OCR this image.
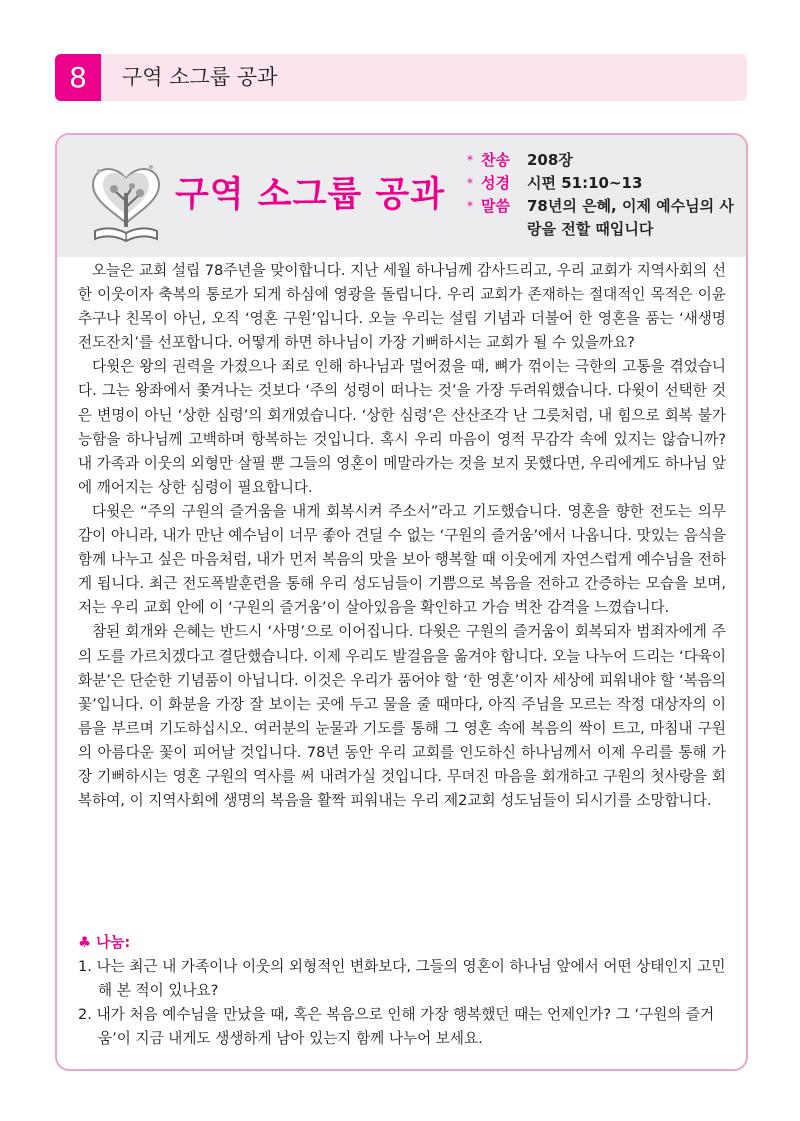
8	구역 소그룹 공과
구역 소그룹 공과
* 찬송	208장
* 성경	시편 51:10~13
* 말씀	78년의 은혜, 이제 예수님의 사랑을 전할 때입니다

오늘은 교회 설립 78주년을 맞이합니다. 지난 세월 하나님께 감사드리고, 우리 교회가 지역사회의 선한 이웃이자 축복의 통로가 되게 하심에 영광을 돌립니다. 우리 교회가 존재하는 절대적인 목적은 이윤 추구나 친목이 아닌, 오직 ‘영혼 구원’입니다. 오늘 우리는 설립 기념과 더불어 한 영혼을 품는 ‘새생명전도잔치’를 선포합니다. 어떻게 하면 하나님이 가장 기뻐하시는 교회가 될 수 있을까요?

다윗은 왕의 권력을 가졌으나 죄로 인해 하나님과 멀어졌을 때, 뼈가 꺾이는 극한의 고통을 겪었습니다. 그는 왕좌에서 쫓겨나는 것보다 ‘주의 성령이 떠나는 것’을 가장 두려워했습니다. 다윗이 선택한 것은 변명이 아닌 ‘상한 심령’의 회개였습니다. ‘상한 심령’은 산산조각 난 그릇처럼, 내 힘으로 회복 불가능함을 하나님께 고백하며 항복하는 것입니다. 혹시 우리 마음이 영적 무감각 속에 있지는 않습니까? 내 가족과 이웃의 외형만 살필 뿐 그들의 영혼이 메말라가는 것을 보지 못했다면, 우리에게도 하나님 앞에 깨어지는 상한 심령이 필요합니다.

다윗은 “주의 구원의 즐거움을 내게 회복시켜 주소서”라고 기도했습니다. 영혼을 향한 전도는 의무감이 아니라, 내가 만난 예수님이 너무 좋아 견딜 수 없는 ‘구원의 즐거움’에서 나옵니다. 맛있는 음식을 함께 나누고 싶은 마음처럼, 내가 먼저 복음의 맛을 보아 행복할 때 이웃에게 자연스럽게 예수님을 전하게 됩니다. 최근 전도폭발훈련을 통해 우리 성도님들이 기쁨으로 복음을 전하고 간증하는 모습을 보며, 저는 우리 교회 안에 이 ‘구원의 즐거움’이 살아있음을 확인하고 가슴 벅찬 감격을 느꼈습니다.

참된 회개와 은혜는 반드시 ‘사명’으로 이어집니다. 다윗은 구원의 즐거움이 회복되자 범죄자에게 주의 도를 가르치겠다고 결단했습니다. 이제 우리도 발걸음을 옮겨야 합니다. 오늘 나누어 드리는 ‘다육이 화분’은 단순한 기념품이 아닙니다. 이것은 우리가 품어야 할 ‘한 영혼’이자 세상에 피워내야 할 ‘복음의 꽃’입니다. 이 화분을 가장 잘 보이는 곳에 두고 물을 줄 때마다, 아직 주님을 모르는 작정 대상자의 이름을 부르며 기도하십시오. 여러분의 눈물과 기도를 통해 그 영혼 속에 복음의 싹이 트고, 마침내 구원의 아름다운 꽃이 피어날 것입니다. 78년 동안 우리 교회를 인도하신 하나님께서 이제 우리를 통해 가장 기뻐하시는 영혼 구원의 역사를 써 내려가실 것입니다. 무뎌진 마음을 회개하고 구원의 첫사랑을 회복하여, 이 지역사회에 생명의 복음을 활짝 피워내는 우리 제2교회 성도님들이 되시기를 소망합니다.

♣ 나눔:

1. 나는 최근 내 가족이나 이웃의 외형적인 변화보다, 그들의 영혼이 하나님 앞에서 어떤 상태인지 고민해 본 적이 있나요?

2. 내가 처음 예수님을 만났을 때, 혹은 복음으로 인해 가장 행복했던 때는 언제인가? 그 ‘구원의 즐거움’이 지금 내게도 생생하게 남아 있는지 함께 나누어 보세요.
